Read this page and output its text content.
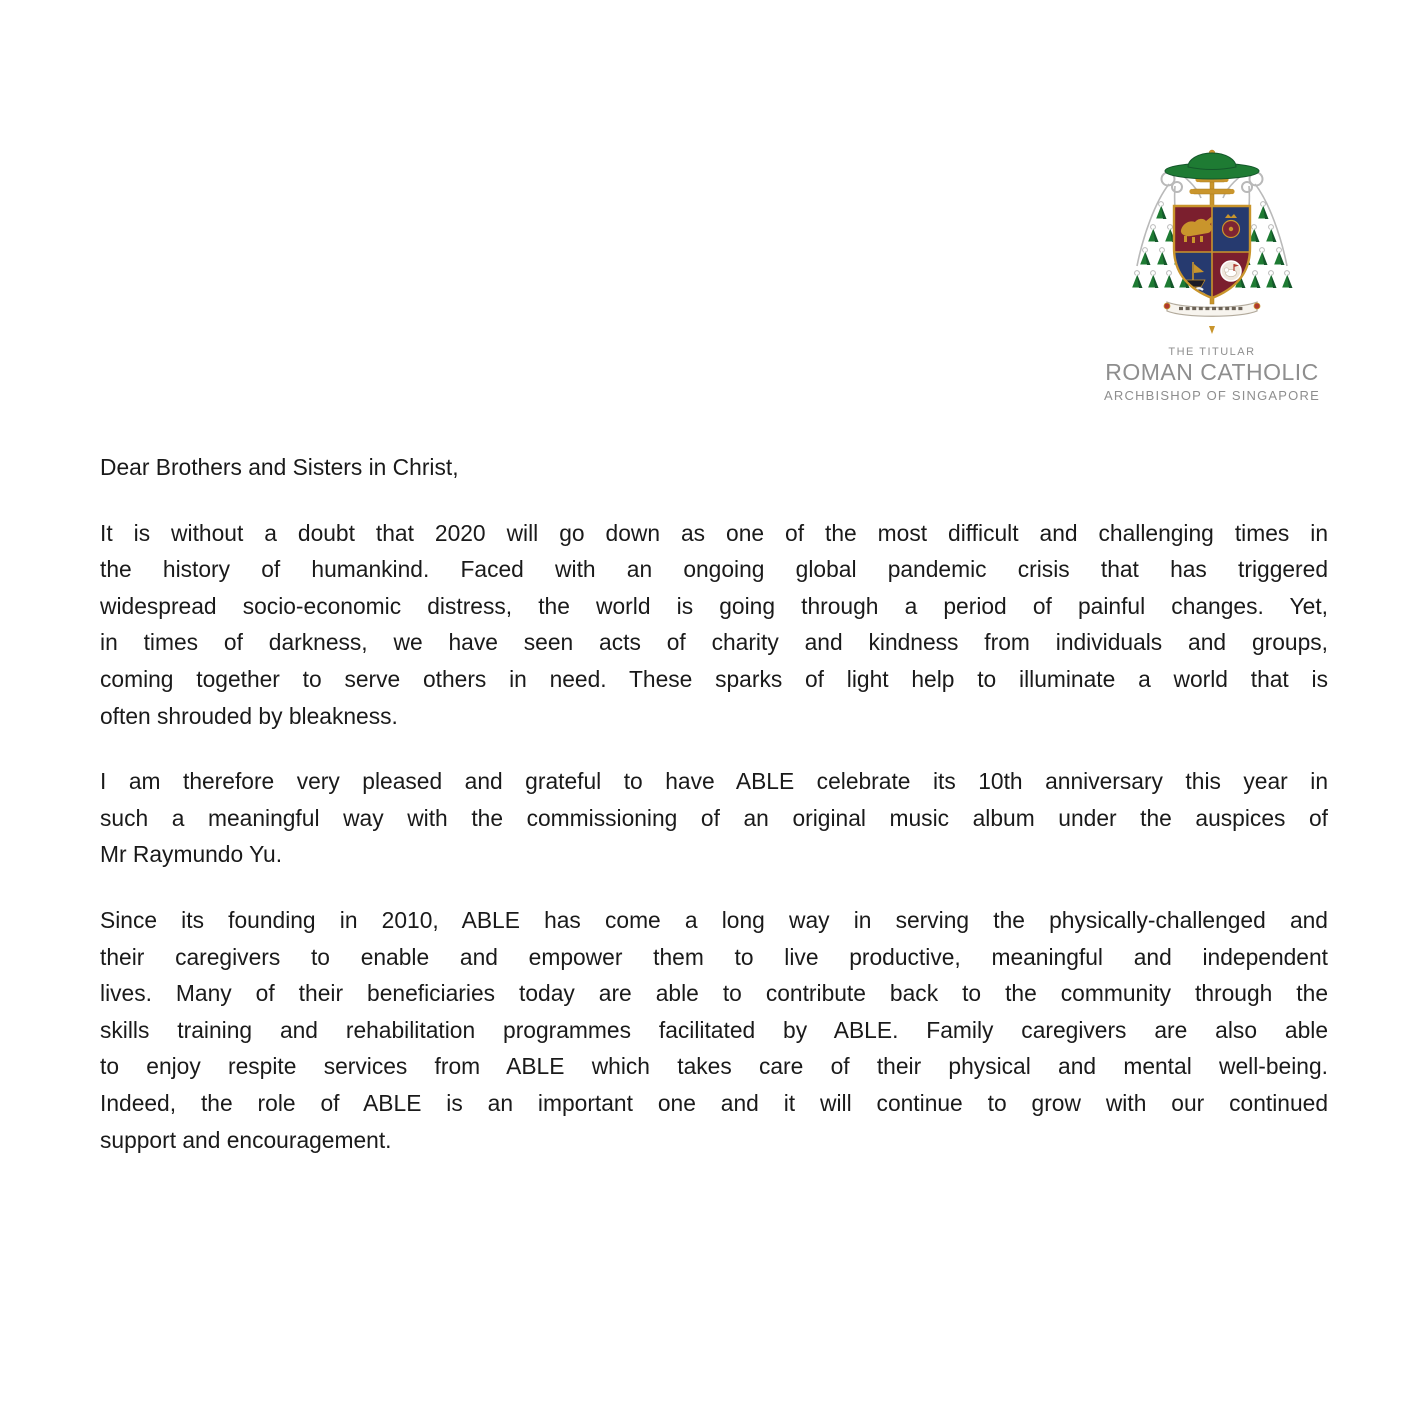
THE TITULAR
ROMAN CATHOLIC
ARCHBISHOP OF SINGAPORE

Dear Brothers and Sisters in Christ,

It is without a doubt that 2020 will go down as one of the most difficult and challenging times in
the history of humankind. Faced with an ongoing global pandemic crisis that has triggered
widespread socio-economic distress, the world is going through a period of painful changes. Yet,
in times of darkness, we have seen acts of charity and kindness from individuals and groups,
coming together to serve others in need. These sparks of light help to illuminate a world that is
often shrouded by bleakness.

I am therefore very pleased and grateful to have ABLE celebrate its 10th anniversary this year in
such a meaningful way with the commissioning of an original music album under the auspices of
Mr Raymundo Yu.

Since its founding in 2010, ABLE has come a long way in serving the physically-challenged and
their caregivers to enable and empower them to live productive, meaningful and independent
lives. Many of their beneficiaries today are able to contribute back to the community through the
skills training and rehabilitation programmes facilitated by ABLE. Family caregivers are also able
to enjoy respite services from ABLE which takes care of their physical and mental well-being.
Indeed, the role of ABLE is an important one and it will continue to grow with our continued
support and encouragement.
